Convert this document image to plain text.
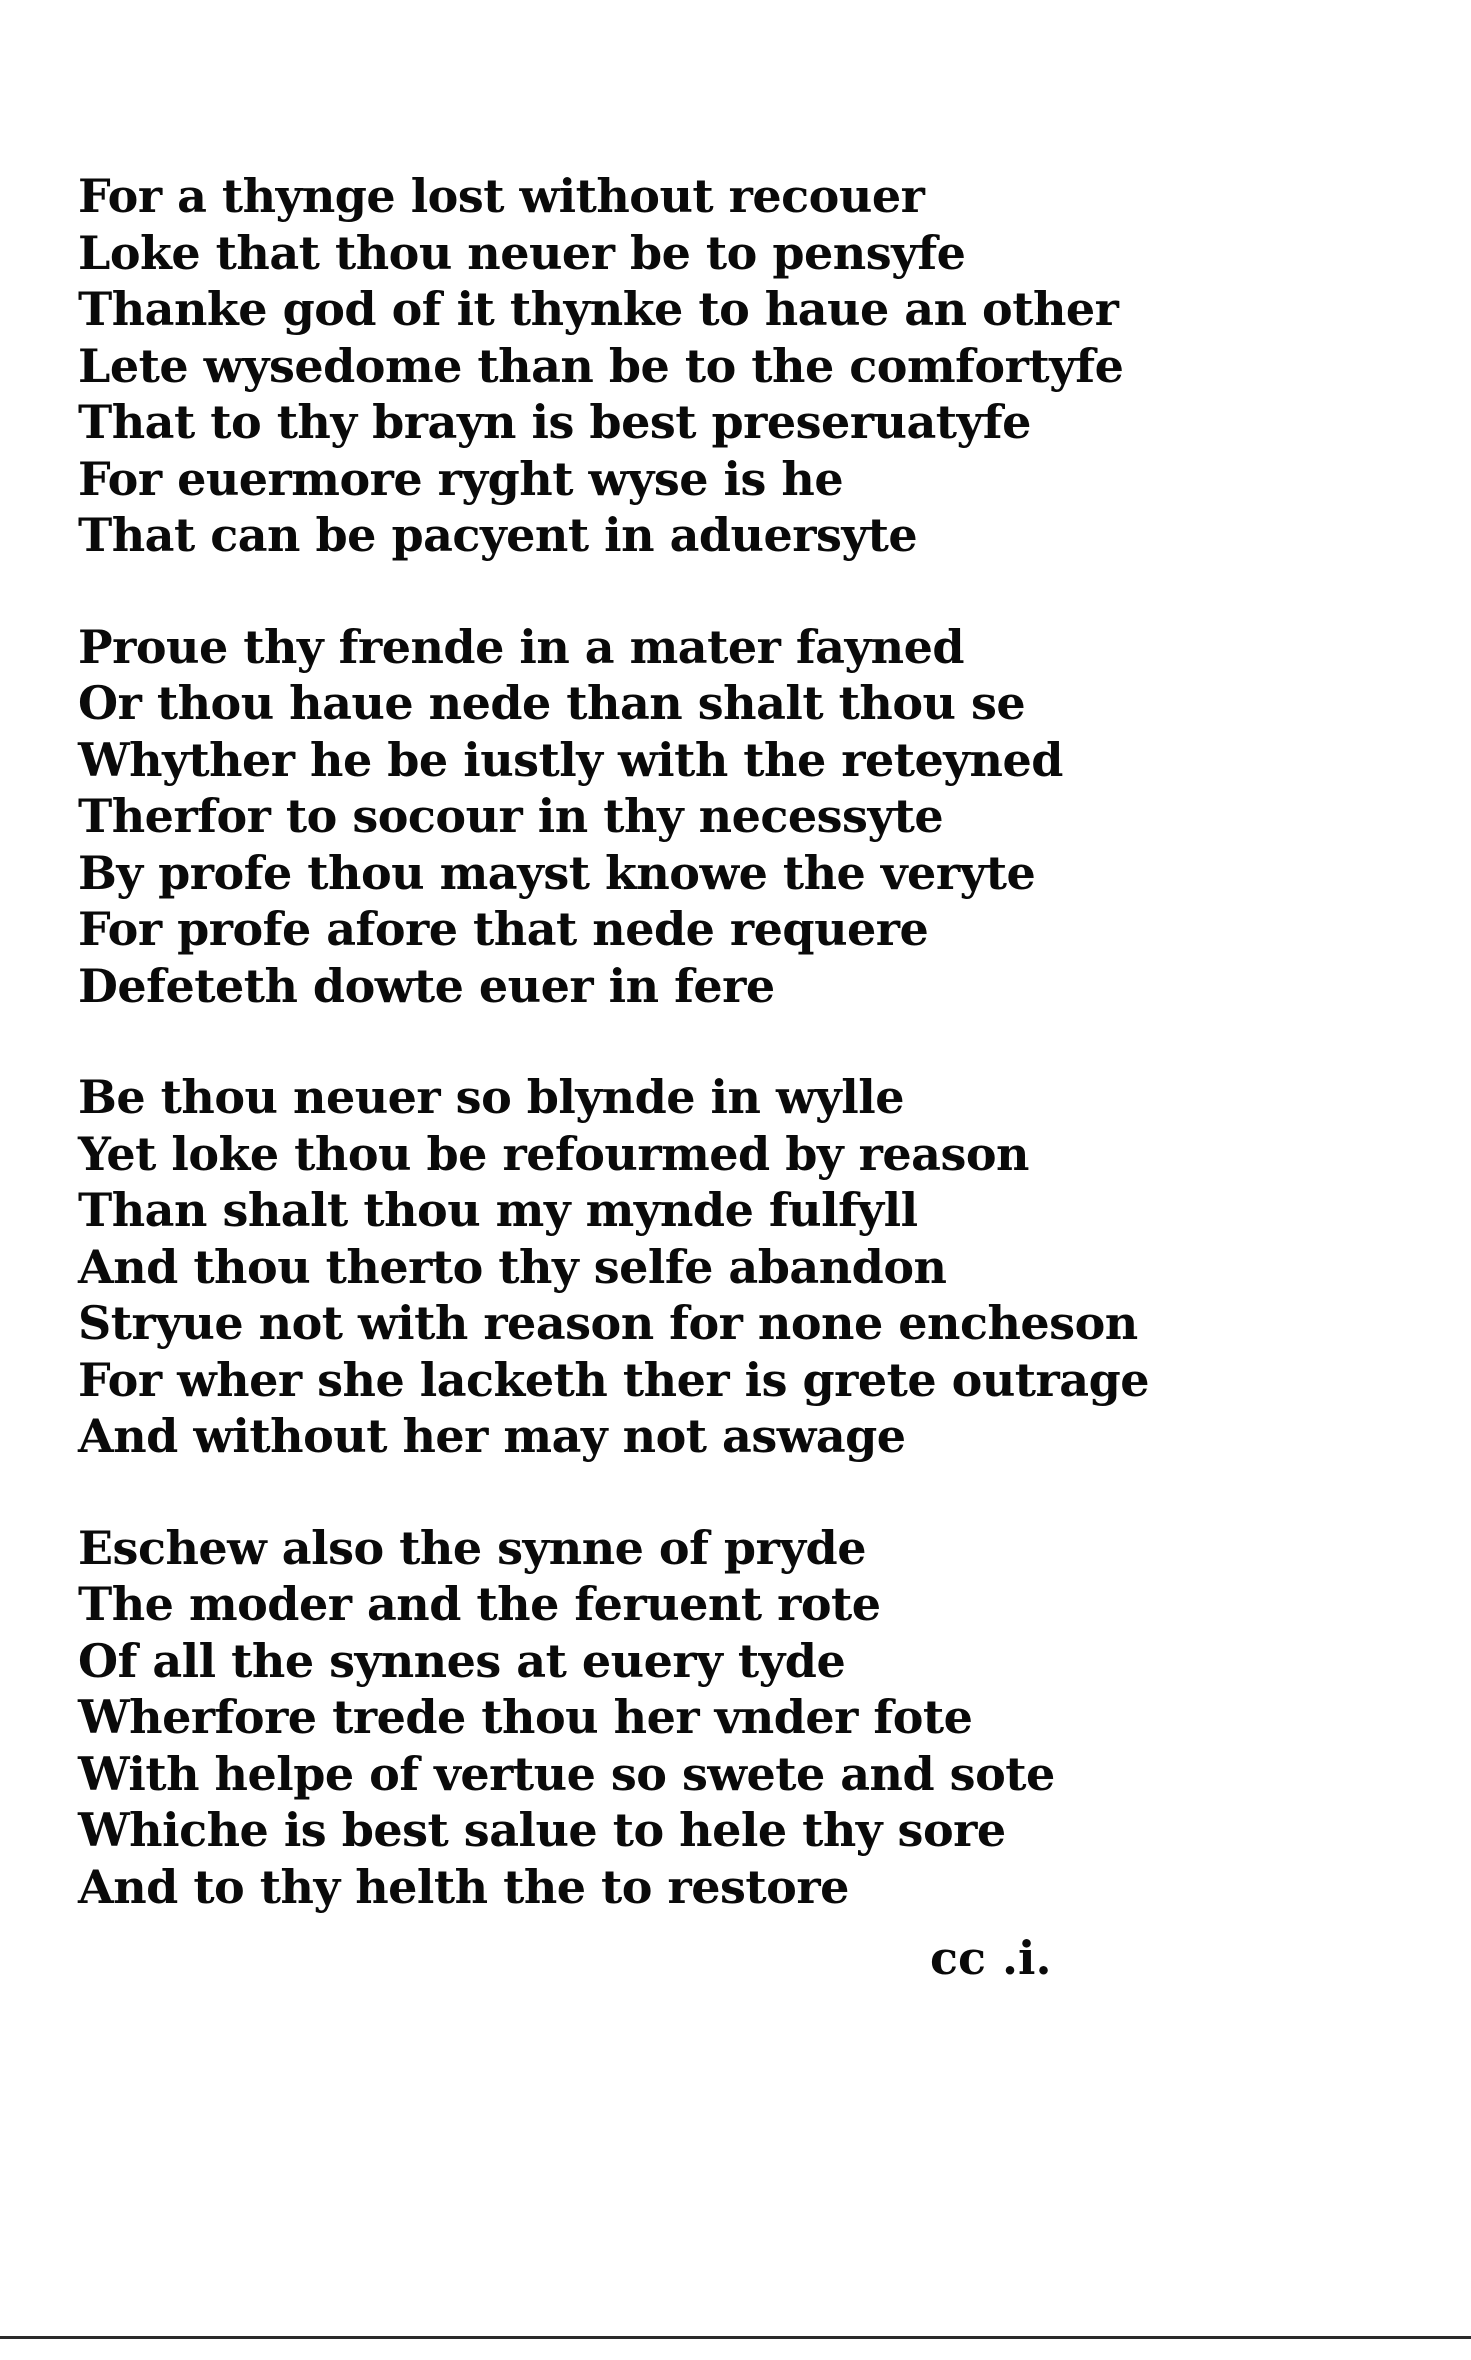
For a thynge lost without recouer
Loke that thou neuer be to pensyfe
Thanke god of it thynke to haue an other
Lete wysedome than be to the comfortyfe
That to thy brayn is best preseruatyfe
For euermore ryght wyse is he
That can be pacyent in aduersyte
Proue thy frende in a mater fayned
Or thou haue nede than shalt thou se
Whyther he be iustly with the reteyned
Therfor to socour in thy necessyte
By profe thou mayst knowe the veryte
For profe afore that nede requere
Defeteth dowte euer in fere
Be thou neuer so blynde in wylle
Yet loke thou be refourmed by reason
Than shalt thou my mynde fulfyll
And thou therto thy selfe abandon
Stryue not with reason for none encheson
For wher she lacketh ther is grete outrage
And without her may not aswage
Eschew also the synne of pryde
The moder and the feruent rote
Of all the synnes at euery tyde
Wherfore trede thou her vnder fote
With helpe of vertue so swete and sote
Whiche is best salue to hele thy sore
And to thy helth the to restore
cc .i.
